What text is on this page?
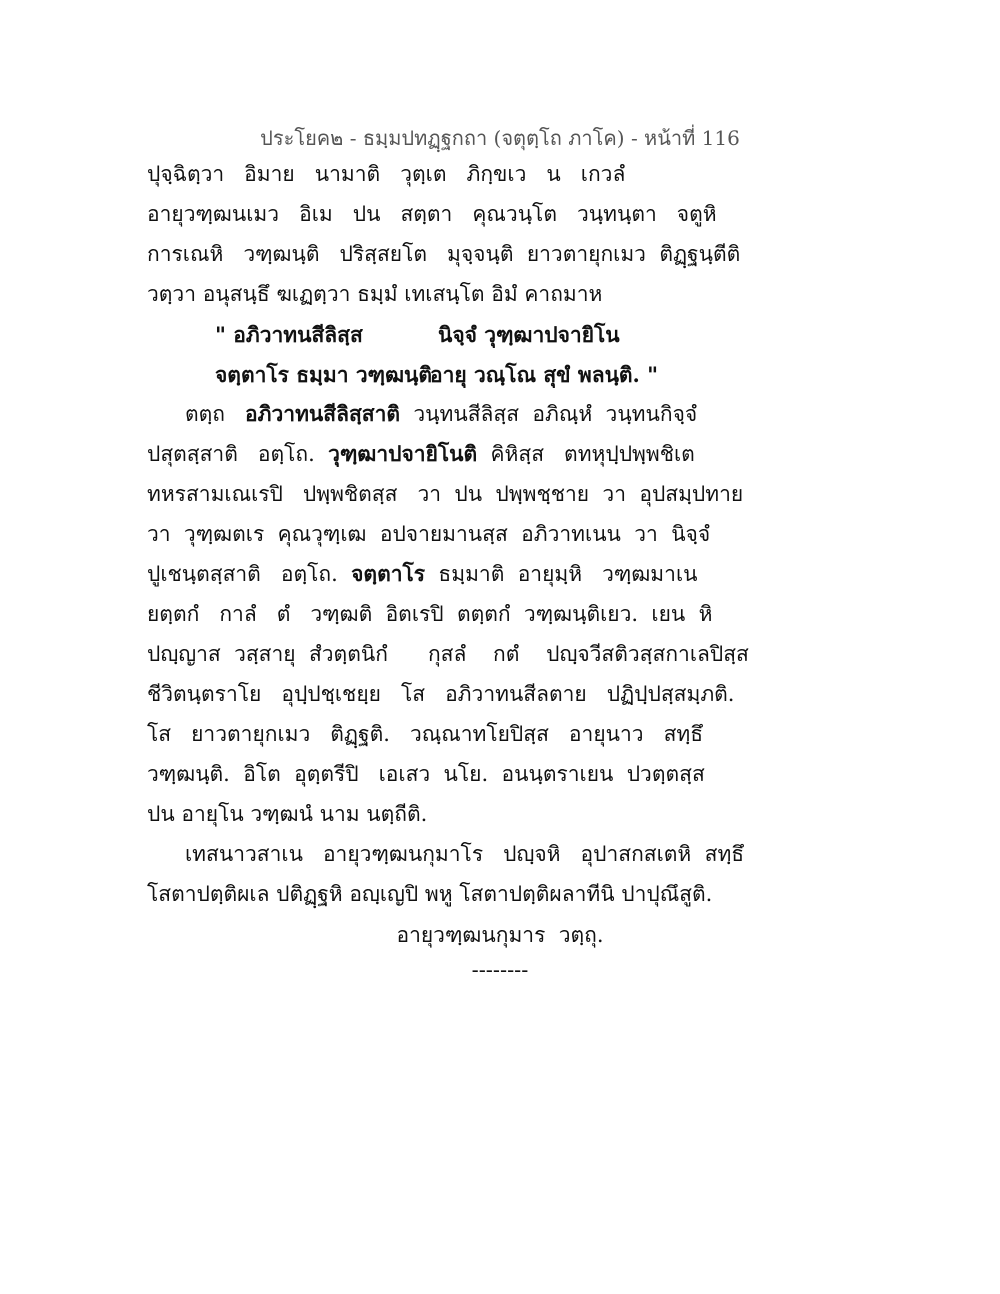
ประโยค๒ - ธมฺมปทฏฺฐกถา (จตุตฺโถ ภาโค) - หน้าที่ 116
ปุจฺฉิตฺวา   อิมาย   นามาติ   วุตฺเต   ภิกฺขเว   น   เกวลํ
อายุวฑฺฒนเมว   อิเม   ปน   สตฺตา   คุณวนฺโต   วนฺทนฺตา   จตูหิ
การเณหิ   วฑฺฒนฺติ   ปริสฺสยโต   มุจฺจนฺติ  ยาวตายุกเมว  ติฏฺฐนฺตีติ
วตฺวา อนุสนฺธึ ฆเฏตฺวา ธมฺมํ เทเสนฺโต อิมํ คาถมาห
" อภิวาทนสีลิสฺส	นิจฺจํ วุฑฺฒาปจายิโน
จตฺตาโร ธมฺมา วฑฺฒนฺติ
อายุ วณฺโณ สุขํ พลนฺติ. "
ตตฺถ   อภิวาทนสีลิสฺสาติ  วนฺทนสีลิสฺส  อภิณฺหํ  วนฺทนกิจฺจํ
ปสุตสฺสาติ   อตฺโถ.  วุฑฺฒาปจายิโนติ  คิหิสฺส   ตทหุปฺปพฺพชิเต
ทหรสามเณเรปิ   ปพฺพชิตสฺส   วา  ปน  ปพฺพชฺชาย  วา  อุปสมฺปทาย
วา  วุฑฺฒตเร  คุณวุฑฺเฒ  อปจายมานสฺส  อภิวาทเนน  วา  นิจฺจํ
ปูเชนฺตสฺสาติ   อตฺโถ.  จตฺตาโร  ธมฺมาติ  อายุมฺหิ   วฑฺฒมาเน
ยตฺตกํ   กาลํ   ตํ   วฑฺฒติ  อิตเรปิ  ตตฺตกํ  วฑฺฒนฺติเยว.  เยน  หิ
ปญฺญาส  วสฺสายุ  สํวตฺตนิกํ      กุสลํ    กตํ    ปญฺจวีสติวสฺสกาเลปิสฺส
ชีวิตนฺตราโย   อุปฺปชฺเชยฺย   โส   อภิวาทนสีลตาย   ปฏิปฺปสฺสมฺภติ.
โส   ยาวตายุกเมว   ติฏฺฐติ.   วณฺณาทโยปิสฺส   อายุนาว   สทฺธึ
วฑฺฒนฺติ.  อิโต  อุตฺตรีปิ   เอเสว  นโย.  อนนฺตราเยน  ปวตฺตสฺส
ปน อายุโน วฑฺฒนํ นาม นตฺถีติ.
เทสนาวสาเน   อายุวฑฺฒนกุมาโร   ปญฺจหิ   อุปาสกสเตหิ  สทฺธึ
โสตาปตฺติผเล ปติฏฺฐหิ อญฺเญปิ พหู โสตาปตฺติผลาทีนิ ปาปุณึสูติ.
อายุวฑฺฒนกุมาร  วตฺถุ.
--------
